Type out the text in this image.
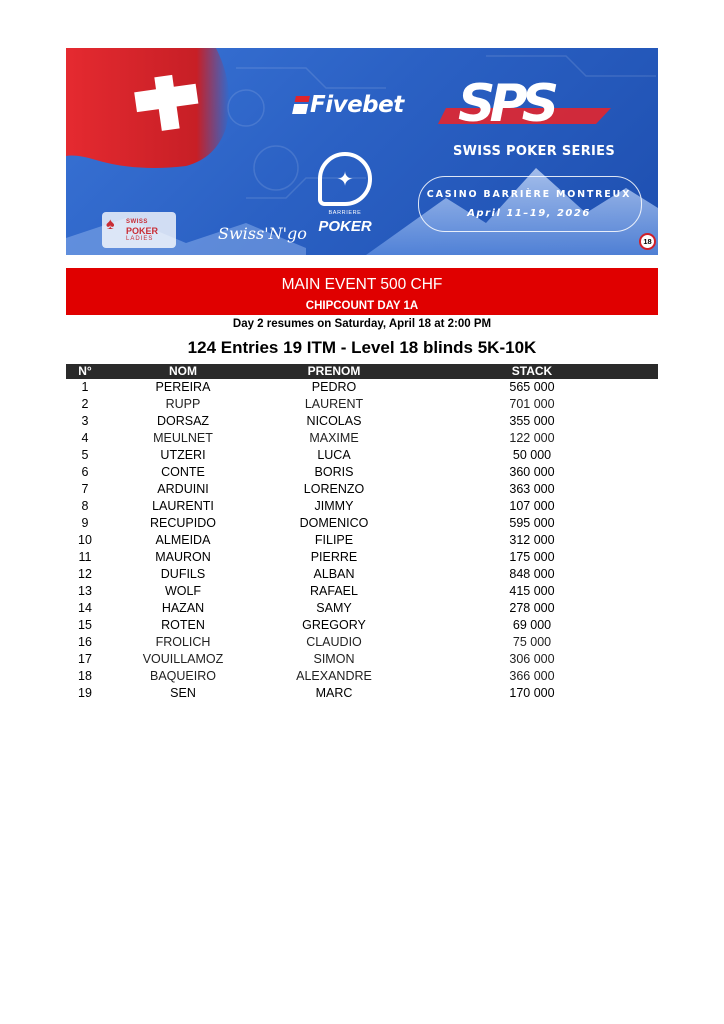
Fivebet SPS
SWISS POKER SERIES
CASINO BARRIÈRE MONTREUX
April 11–19, 2026
✦
BARRIERE
POKER
Swiss'N'go
♠ SWISS
POKER
LADIES	18
MAIN EVENT 500 CHF
CHIPCOUNT DAY 1A
Day 2 resumes on Saturday, April 18 at 2:00 PM
124 Entries 19 ITM - Level 18 blinds 5K-10K
N°	NOM	PRENOM	STACK
1	PEREIRA	PEDRO	565 000
2	RUPP	LAURENT	701 000
3	DORSAZ	NICOLAS	355 000
4	MEULNET	MAXIME	122 000
5	UTZERI	LUCA	50 000
6	CONTE	BORIS	360 000
7	ARDUINI	LORENZO	363 000
8	LAURENTI	JIMMY	107 000
9	RECUPIDO	DOMENICO	595 000
10	ALMEIDA	FILIPE	312 000
11	MAURON	PIERRE	175 000
12	DUFILS	ALBAN	848 000
13	WOLF	RAFAEL	415 000
14	HAZAN	SAMY	278 000
15	ROTEN	GREGORY	69 000
16	FROLICH	CLAUDIO	75 000
17	VOUILLAMOZ	SIMON	306 000
18	BAQUEIRO	ALEXANDRE	366 000
19	SEN	MARC	170 000
